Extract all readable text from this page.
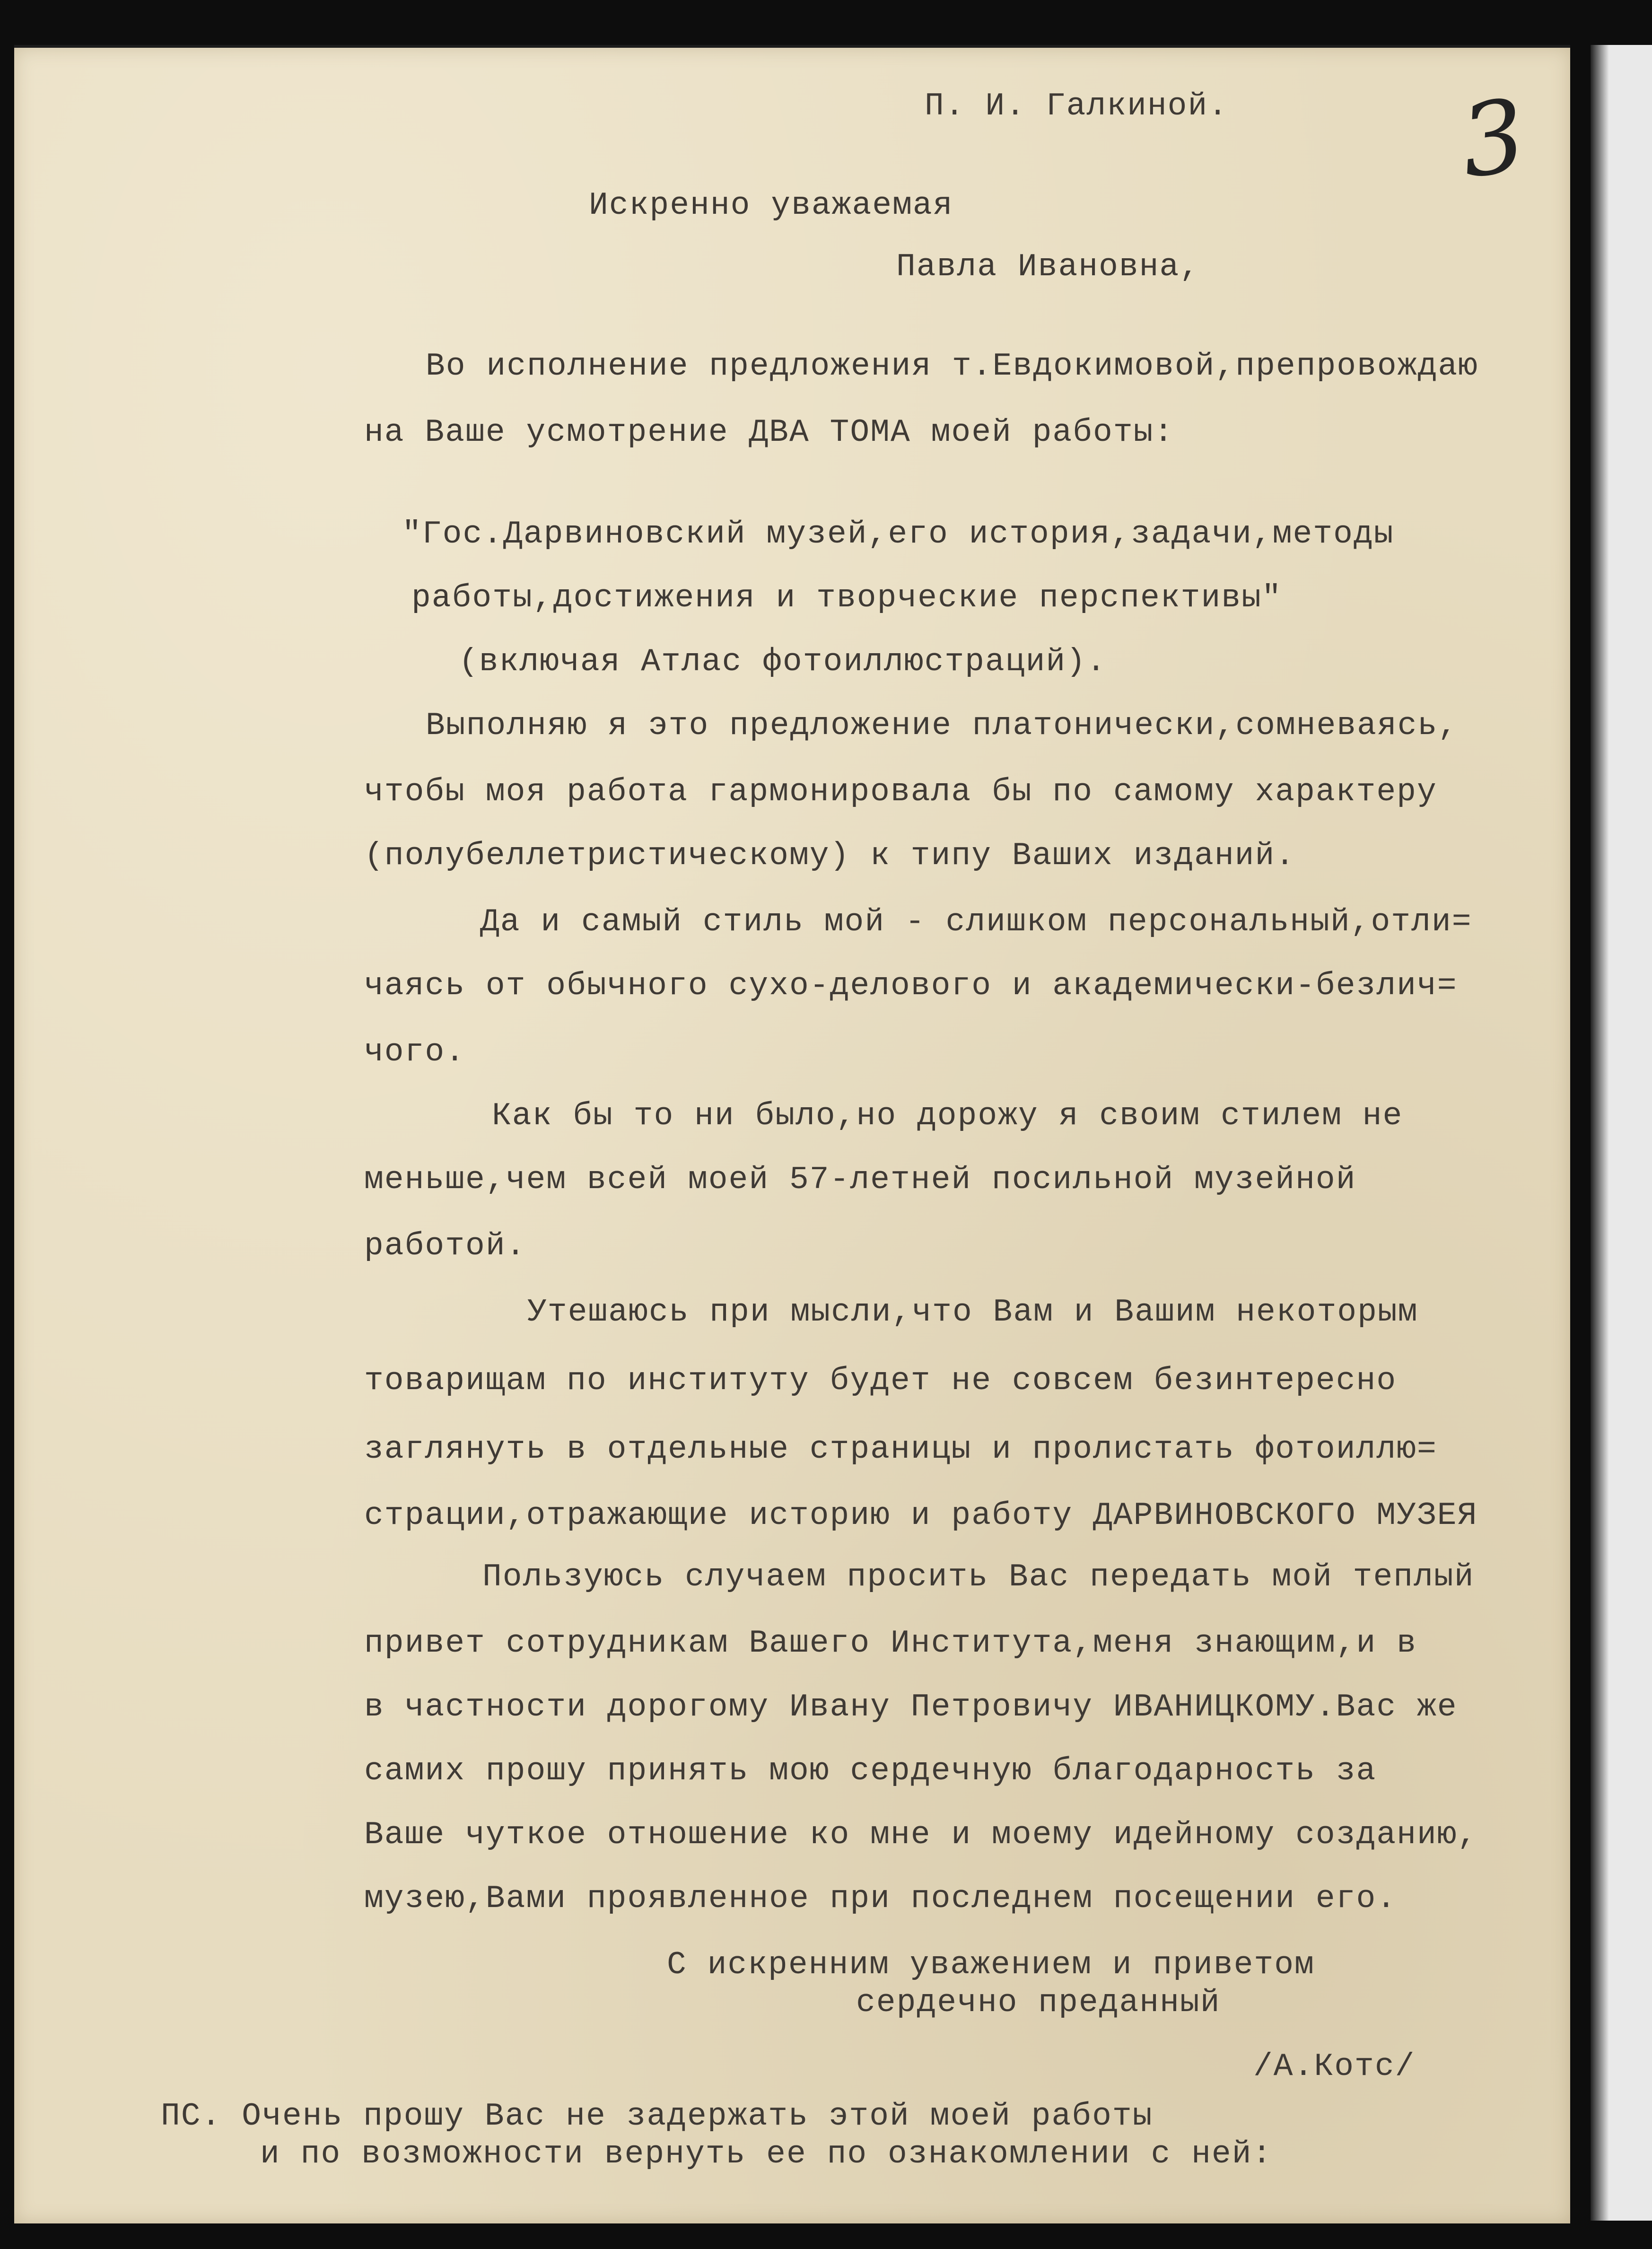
3
П. И. Галкиной.
Искренно уважаемая
Павла Ивановна,
Во исполнение предложения т.Евдокимовой,препровождаю
на Ваше усмотрение ДВА ТОМА моей работы:
"Гос.Дарвиновский музей,его история,задачи,методы
работы,достижения и творческие перспективы"
(включая Атлас фотоиллюстраций).
Выполняю я это предложение платонически,сомневаясь,
чтобы моя работа гармонировала бы по самому характеру
(полубеллетристическому) к типу Ваших изданий.
Да и самый стиль мой - слишком персональный,отли=
чаясь от обычного сухо-делового и академически-безлич=
чого.
Как бы то ни было,но дорожу я своим стилем не
меньше,чем всей моей 57-летней посильной музейной
работой.
Утешаюсь при мысли,что Вам и Вашим некоторым
товарищам по институту будет не совсем безинтересно
заглянуть в отдельные страницы и пролистать фотоиллю=
страции,отражающие историю и работу ДАРВИНОВСКОГО МУЗЕЯ
Пользуюсь случаем просить Вас передать мой теплый
привет сотрудникам Вашего Института,меня знающим,и в
в частности дорогому Ивану Петровичу ИВАНИЦКОМУ.Вас же
самих прошу принять мою сердечную благодарность за
Ваше чуткое отношение ко мне и моему идейному созданию,
музею,Вами проявленное при последнем посещении его.
С искренним уважением и приветом
сердечно преданный
/А.Котс/
ПС. Очень прошу Вас не задержать этой моей работы
и по возможности вернуть ее по ознакомлении с ней:
